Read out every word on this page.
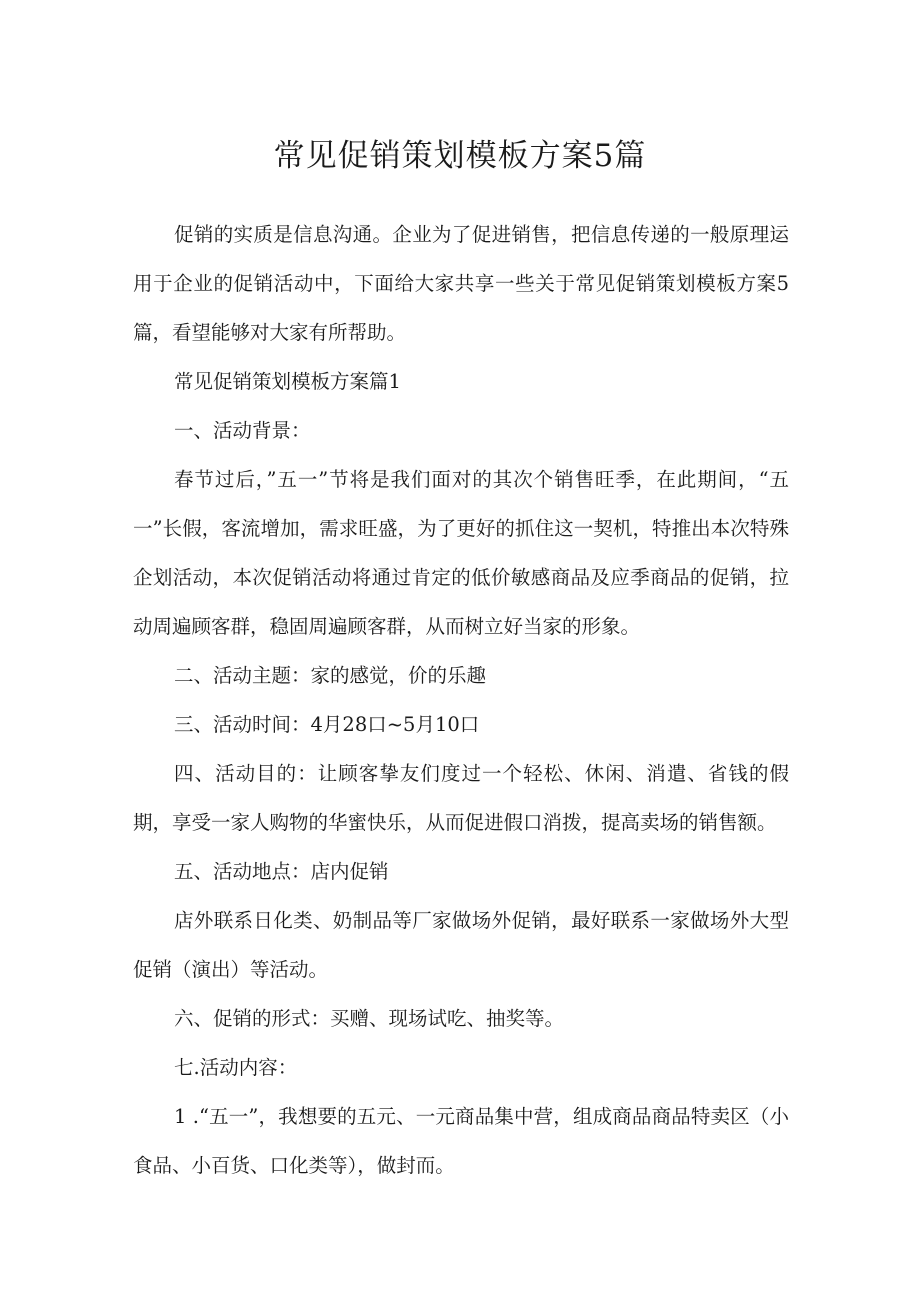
常见促销策划模板方案5篇

促销的实质是信息沟通。企业为了促进销售，把信息传递的一般原理运用于企业的促销活动中，下面给大家共享一些关于常见促销策划模板方案5篇，看望能够对大家有所帮助。

常见促销策划模板方案篇1

一、活动背景：

春节过后，”五一”节将是我们面对的其次个销售旺季，在此期间，“五一”长假，客流增加，需求旺盛，为了更好的抓住这一契机，特推出本次特殊企划活动，本次促销活动将通过肯定的低价敏感商品及应季商品的促销，拉动周遍顾客群，稳固周遍顾客群，从而树立好当家的形象。

二、活动主题：家的感觉，价的乐趣

三、活动时间：4月28口~5月10口

四、活动目的：让顾客挚友们度过一个轻松、休闲、消遣、省钱的假期，享受一家人购物的华蜜快乐，从而促进假口消拨，提高卖场的销售额。

五、活动地点：店内促销

店外联系日化类、奶制品等厂家做场外促销，最好联系一家做场外大型促销（演出）等活动。

六、促销的形式：买赠、现场试吃、抽奖等。

七.活动内容：

1 .“五一”，我想要的五元、一元商品集中营，组成商品商品特卖区（小食品、小百货、口化类等），做封而。
